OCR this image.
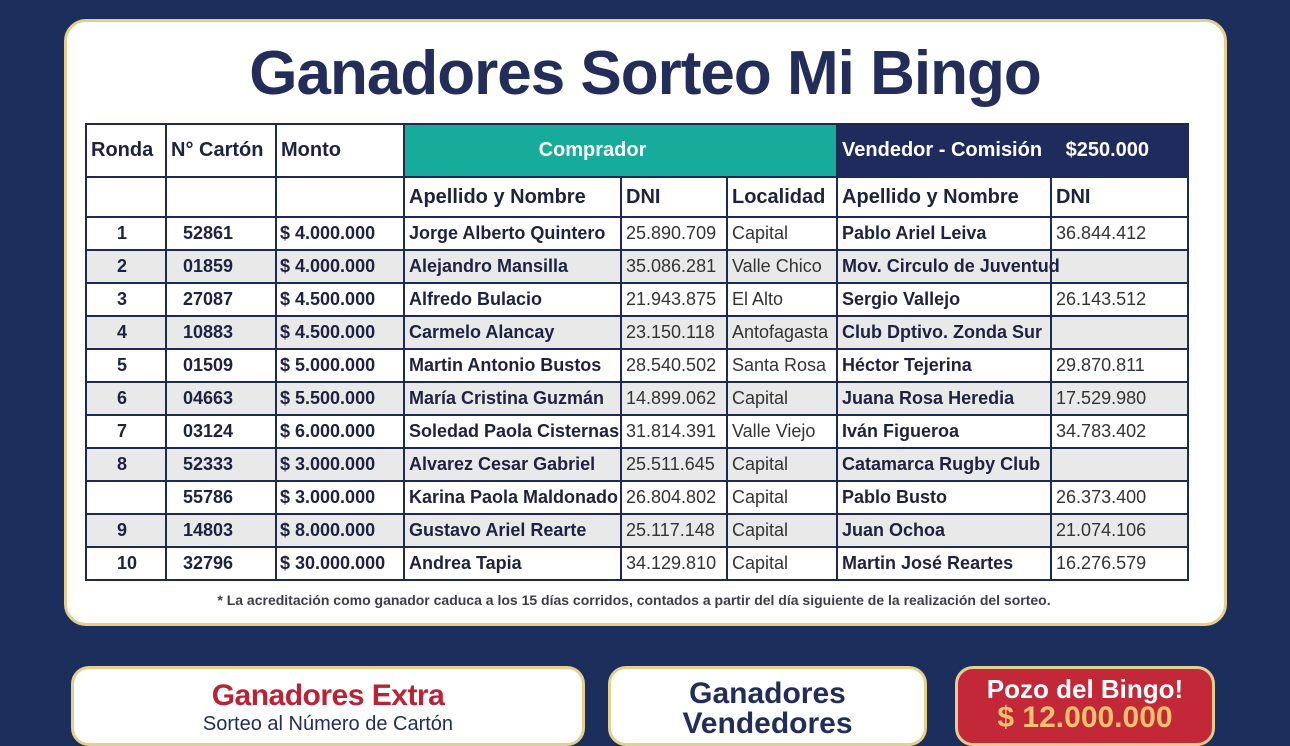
Ganadores Sorteo Mi Bingo
Ronda	N° Cartón	Monto	Comprador			Vendedor - Comisión $250.000	
			Apellido y Nombre	DNI	Localidad	Apellido y Nombre	DNI
1	52861	$ 4.000.000	Jorge Alberto Quintero	25.890.709	Capital	Pablo Ariel Leiva	36.844.412
2	01859	$ 4.000.000	Alejandro Mansilla	35.086.281	Valle Chico	Mov. Circulo de Juventud	
3	27087	$ 4.500.000	Alfredo Bulacio	21.943.875	El Alto	Sergio Vallejo	26.143.512
4	10883	$ 4.500.000	Carmelo Alancay	23.150.118	Antofagasta	Club Dptivo. Zonda Sur	
5	01509	$ 5.000.000	Martin Antonio Bustos	28.540.502	Santa Rosa	Héctor Tejerina	29.870.811
6	04663	$ 5.500.000	María Cristina Guzmán	14.899.062	Capital	Juana Rosa Heredia	17.529.980
7	03124	$ 6.000.000	Soledad Paola Cisternas	31.814.391	Valle Viejo	Iván Figueroa	34.783.402
8	52333	$ 3.000.000	Alvarez Cesar Gabriel	25.511.645	Capital	Catamarca Rugby Club	
	55786	$ 3.000.000	Karina Paola Maldonado	26.804.802	Capital	Pablo Busto	26.373.400
9	14803	$ 8.000.000	Gustavo Ariel Rearte	25.117.148	Capital	Juan Ochoa	21.074.106
10	32796	$ 30.000.000	Andrea Tapia	34.129.810	Capital	Martin José Reartes	16.276.579
* La acreditación como ganador caduca a los 15 días corridos, contados a partir del día siguiente de la realización del sorteo.
Ganadores Extra
Sorteo al Número de Cartón
Ganadores Vendedores
Pozo del Bingo!
$ 12.000.000
